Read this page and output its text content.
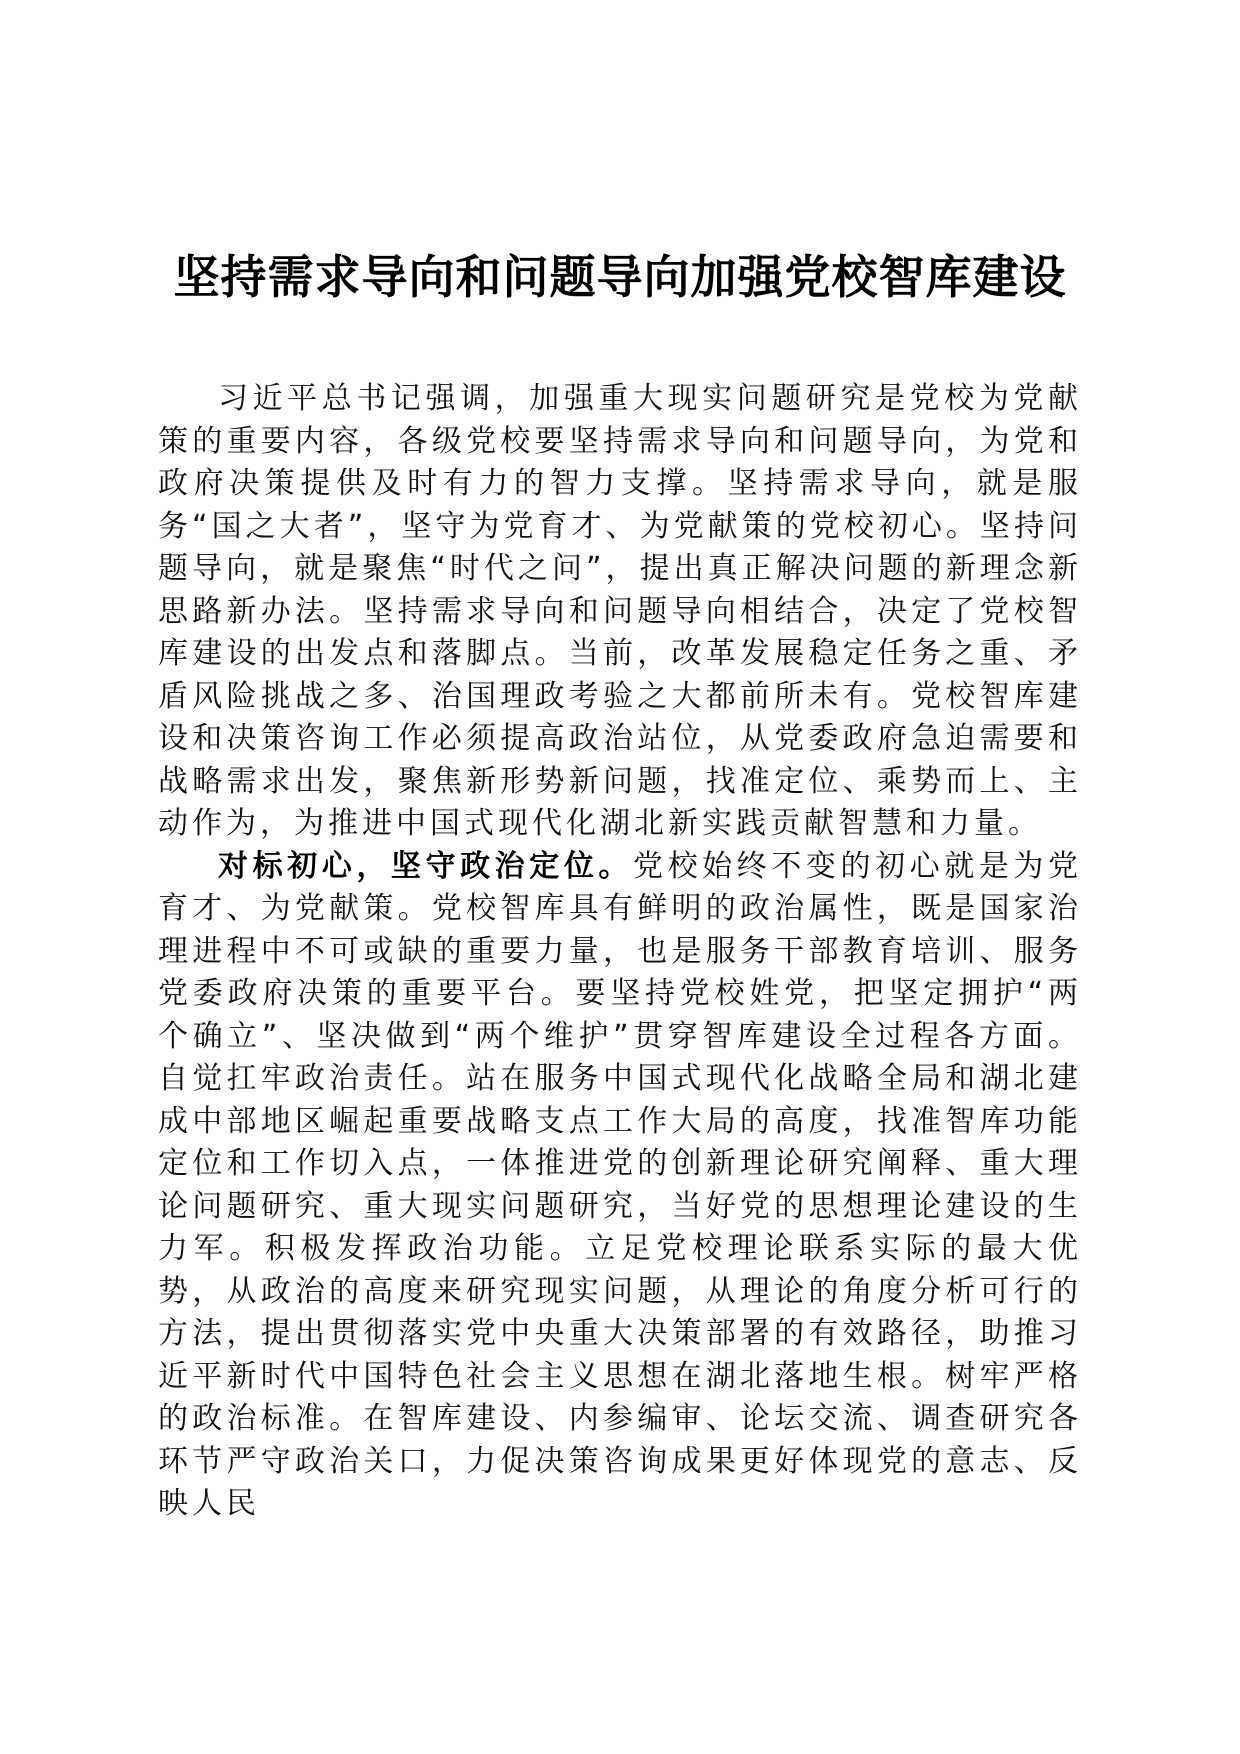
坚持需求导向和问题导向加强党校智库建设

习近平总书记强调，加强重大现实问题研究是党校为党献策的重要内容，各级党校要坚持需求导向和问题导向，为党和政府决策提供及时有力的智力支撑。坚持需求导向，就是服务“国之大者”，坚守为党育才、为党献策的党校初心。坚持问题导向，就是聚焦“时代之问”，提出真正解决问题的新理念新思路新办法。坚持需求导向和问题导向相结合，决定了党校智库建设的出发点和落脚点。当前，改革发展稳定任务之重、矛盾风险挑战之多、治国理政考验之大都前所未有。党校智库建设和决策咨询工作必须提高政治站位，从党委政府急迫需要和战略需求出发，聚焦新形势新问题，找准定位、乘势而上、主动作为，为推进中国式现代化湖北新实践贡献智慧和力量。

对标初心，坚守政治定位。党校始终不变的初心就是为党育才、为党献策。党校智库具有鲜明的政治属性，既是国家治理进程中不可或缺的重要力量，也是服务干部教育培训、服务党委政府决策的重要平台。要坚持党校姓党，把坚定拥护“两个确立”、坚决做到“两个维护”贯穿智库建设全过程各方面。自觉扛牢政治责任。站在服务中国式现代化战略全局和湖北建成中部地区崛起重要战略支点工作大局的高度，找准智库功能定位和工作切入点，一体推进党的创新理论研究阐释、重大理论问题研究、重大现实问题研究，当好党的思想理论建设的生力军。积极发挥政治功能。立足党校理论联系实际的最大优势，从政治的高度来研究现实问题，从理论的角度分析可行的方法，提出贯彻落实党中央重大决策部署的有效路径，助推习近平新时代中国特色社会主义思想在湖北落地生根。树牢严格的政治标准。在智库建设、内参编审、论坛交流、调查研究各环节严守政治关口，力促决策咨询成果更好体现党的意志、反映人民
